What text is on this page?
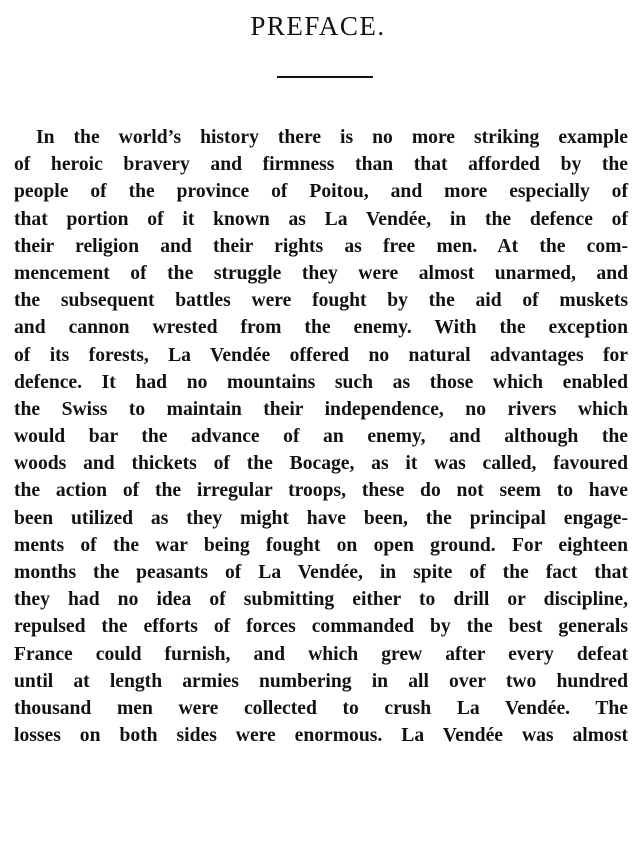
PREFACE.
In the world’s history there is no more striking example
of heroic bravery and firmness than that afforded by the
people of the province of Poitou, and more especially of
that portion of it known as La Vendée, in the defence of
their religion and their rights as free men. At the com-
mencement of the struggle they were almost unarmed, and
the subsequent battles were fought by the aid of muskets
and cannon wrested from the enemy. With the exception
of its forests, La Vendée offered no natural advantages for
defence. It had no mountains such as those which enabled
the Swiss to maintain their independence, no rivers which
would bar the advance of an enemy, and although the
woods and thickets of the Bocage, as it was called, favoured
the action of the irregular troops, these do not seem to have
been utilized as they might have been, the principal engage-
ments of the war being fought on open ground. For eighteen
months the peasants of La Vendée, in spite of the fact that
they had no idea of submitting either to drill or discipline,
repulsed the efforts of forces commanded by the best generals
France could furnish, and which grew after every defeat
until at length armies numbering in all over two hundred
thousand men were collected to crush La Vendée. The
losses on both sides were enormous. La Vendée was almost
